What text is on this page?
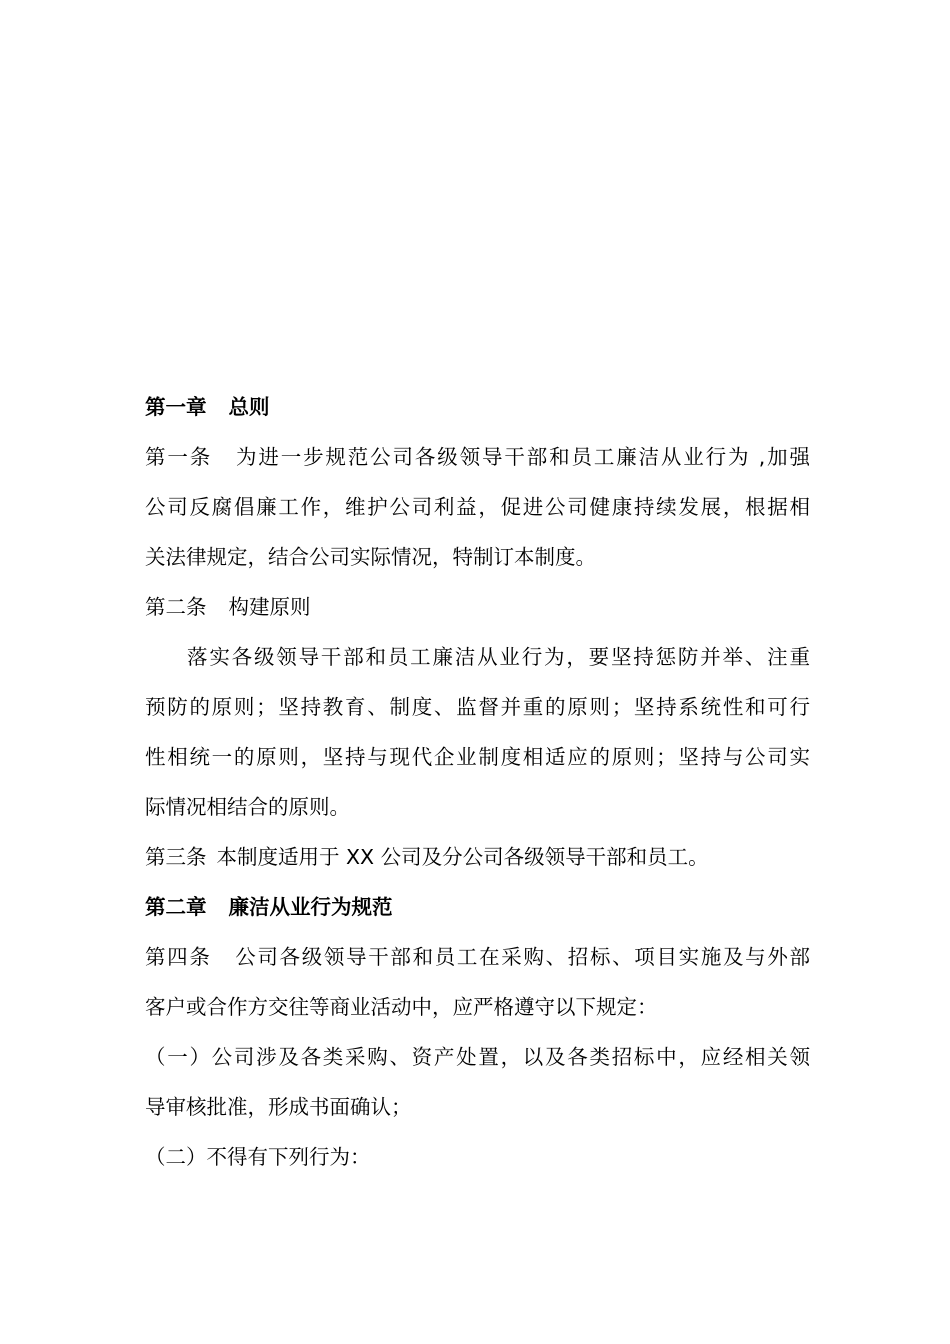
第一章 总则
第一条 为进一步规范公司各级领导干部和员工廉洁从业行为 ,加强
公司反腐倡廉工作，维护公司利益，促进公司健康持续发展，根据相
关法律规定，结合公司实际情况，特制订本制度。
第二条 构建原则
落实各级领导干部和员工廉洁从业行为，要坚持惩防并举、注重
预防的原则；坚持教育、制度、监督并重的原则；坚持系统性和可行
性相统一的原则，坚持与现代企业制度相适应的原则；坚持与公司实
际情况相结合的原则。
第三条 本制度适用于 XX 公司及分公司各级领导干部和员工。
第二章 廉洁从业行为规范
第四条 公司各级领导干部和员工在采购、招标、项目实施及与外部
客户或合作方交往等商业活动中，应严格遵守以下规定：
（一）公司涉及各类采购、资产处置，以及各类招标中，应经相关领
导审核批准，形成书面确认；
（二）不得有下列行为：
